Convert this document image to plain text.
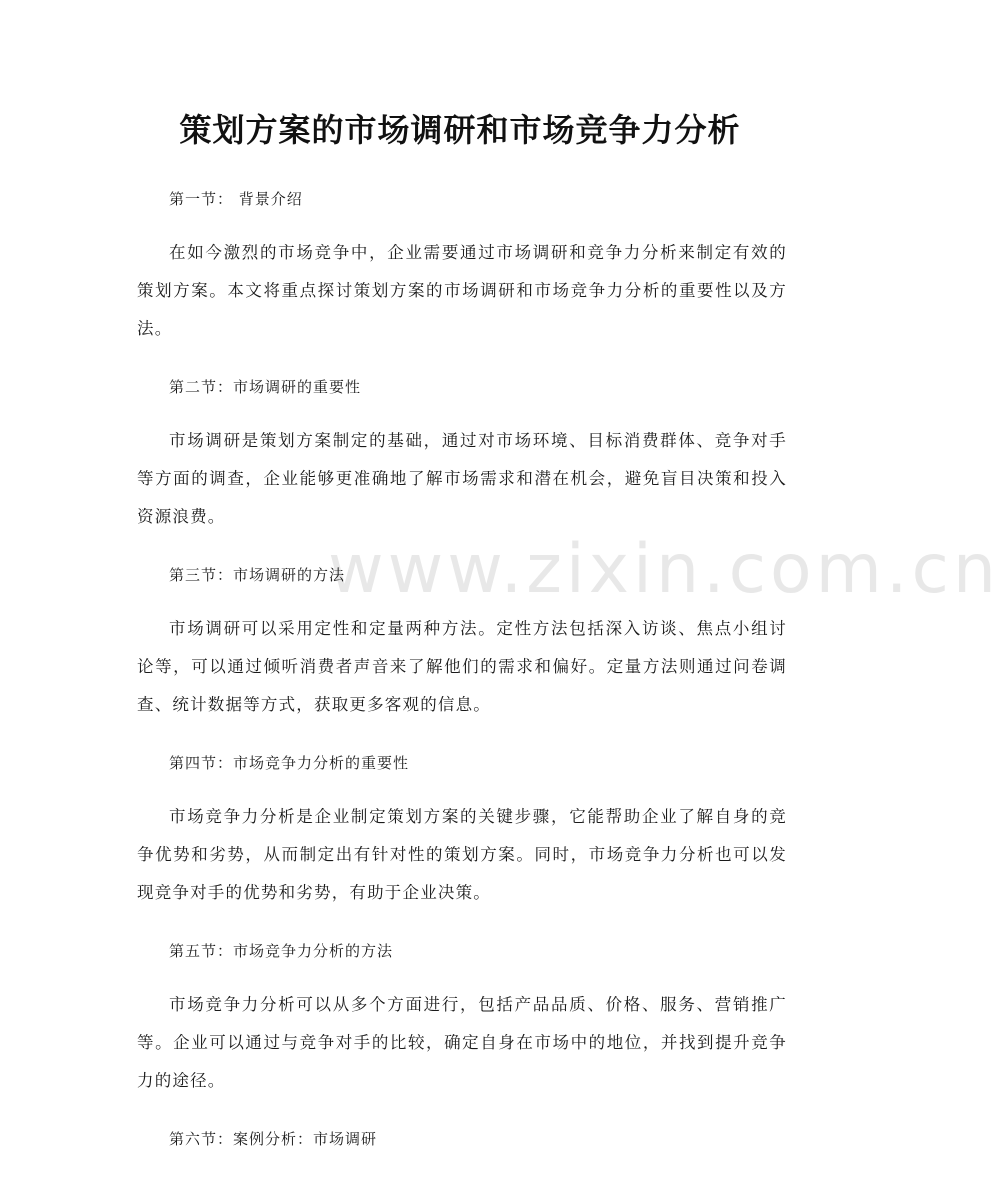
www.zixin.com.cn
策划方案的市场调研和市场竞争力分析
第一节： 背景介绍
在如今激烈的市场竞争中，企业需要通过市场调研和竞争力分析来制定有效的策划方案。本文将重点探讨策划方案的市场调研和市场竞争力分析的重要性以及方法。
第二节：市场调研的重要性
市场调研是策划方案制定的基础，通过对市场环境、目标消费群体、竞争对手等方面的调查，企业能够更准确地了解市场需求和潜在机会，避免盲目决策和投入资源浪费。
第三节：市场调研的方法
市场调研可以采用定性和定量两种方法。定性方法包括深入访谈、焦点小组讨论等，可以通过倾听消费者声音来了解他们的需求和偏好。定量方法则通过问卷调查、统计数据等方式，获取更多客观的信息。
第四节：市场竞争力分析的重要性
市场竞争力分析是企业制定策划方案的关键步骤，它能帮助企业了解自身的竞争优势和劣势，从而制定出有针对性的策划方案。同时，市场竞争力分析也可以发现竞争对手的优势和劣势，有助于企业决策。
第五节：市场竞争力分析的方法
市场竞争力分析可以从多个方面进行，包括产品品质、价格、服务、营销推广等。企业可以通过与竞争对手的比较，确定自身在市场中的地位，并找到提升竞争力的途径。
第六节：案例分析：市场调研
